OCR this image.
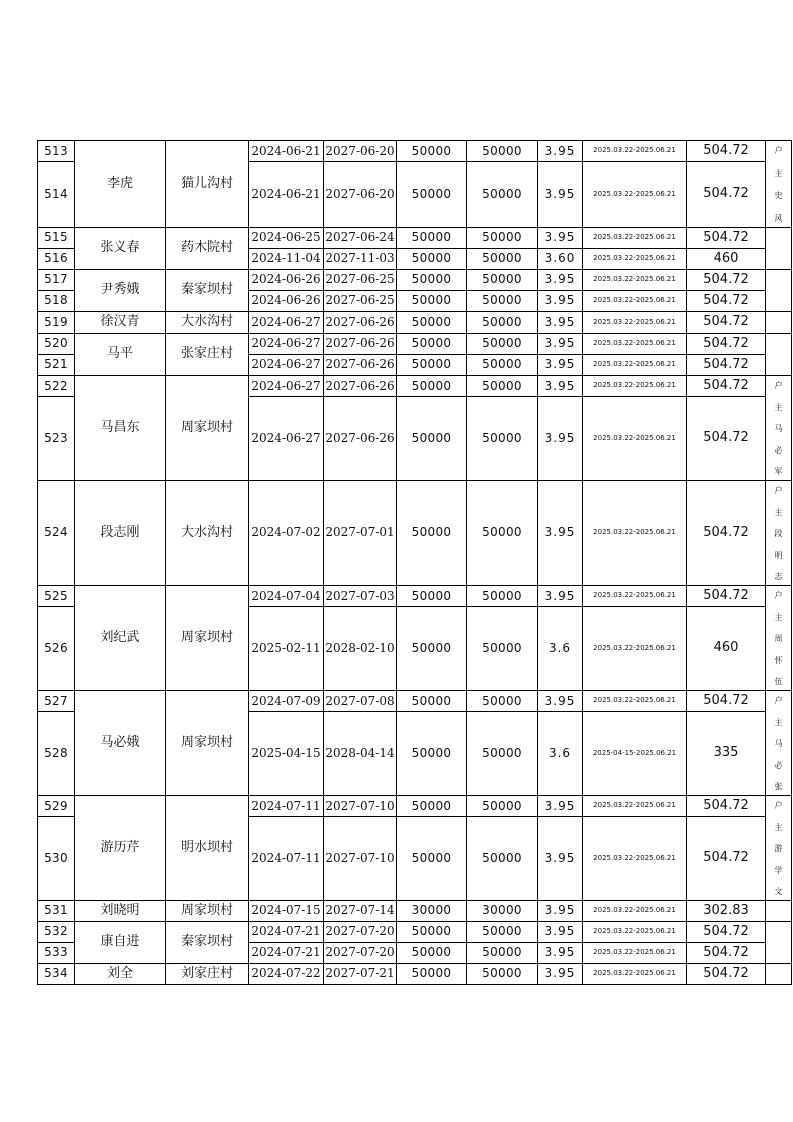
513	李虎	猫儿沟村	2024-06-21	2027-06-20	50000	50000	3.95	2025.03.22-2025.06.21	504.72	户
主
史
风

514			2024-06-21	2027-06-20	50000	50000	3.95	2025.03.22-2025.06.21	504.72	
515	张义春	药木院村	2024-06-25	2027-06-24	50000	50000	3.95	2025.03.22-2025.06.21	504.72	
516			2024-11-04	2027-11-03	50000	50000	3.60	2025.03.22-2025.06.21	460	
517	尹秀娥	秦家坝村	2024-06-26	2027-06-25	50000	50000	3.95	2025.03.22-2025.06.21	504.72	
518			2024-06-26	2027-06-25	50000	50000	3.95	2025.03.22-2025.06.21	504.72	
519	徐汉青	大水沟村	2024-06-27	2027-06-26	50000	50000	3.95	2025.03.22-2025.06.21	504.72	
520	马平	张家庄村	2024-06-27	2027-06-26	50000	50000	3.95	2025.03.22-2025.06.21	504.72	
521			2024-06-27	2027-06-26	50000	50000	3.95	2025.03.22-2025.06.21	504.72	
522	马昌东	周家坝村	2024-06-27	2027-06-26	50000	50000	3.95	2025.03.22-2025.06.21	504.72	户
主
马
必
军

523			2024-06-27	2027-06-26	50000	50000	3.95	2025.03.22-2025.06.21	504.72	
524	段志刚	大水沟村	2024-07-02	2027-07-01	50000	50000	3.95	2025.03.22-2025.06.21	504.72	户
主
段
明
志

525	刘纪武	周家坝村	2024-07-04	2027-07-03	50000	50000	3.95	2025.03.22-2025.06.21	504.72	户
主
周
怀
伍

526			2025-02-11	2028-02-10	50000	50000	3.6	2025.03.22-2025.06.21	460	
527	马必娥	周家坝村	2024-07-09	2027-07-08	50000	50000	3.95	2025.03.22-2025.06.21	504.72	户
主
马
必
张

528			2025-04-15	2028-04-14	50000	50000	3.6	2025-04-15-2025.06.21	335	
529	游历芹	明水坝村	2024-07-11	2027-07-10	50000	50000	3.95	2025.03.22-2025.06.21	504.72	户
主
游
学
文

530			2024-07-11	2027-07-10	50000	50000	3.95	2025.03.22-2025.06.21	504.72	
531	刘晓明	周家坝村	2024-07-15	2027-07-14	30000	30000	3.95	2025.03.22-2025.06.21	302.83	
532	康自进	秦家坝村	2024-07-21	2027-07-20	50000	50000	3.95	2025.03.22-2025.06.21	504.72	
533			2024-07-21	2027-07-20	50000	50000	3.95	2025.03.22-2025.06.21	504.72	
534	刘全	刘家庄村	2024-07-22	2027-07-21	50000	50000	3.95	2025.03.22-2025.06.21	504.72	
